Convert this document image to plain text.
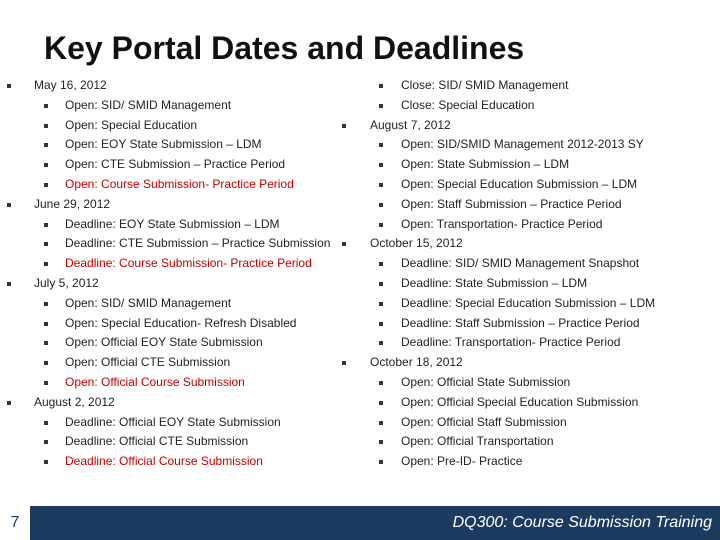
Key Portal Dates and Deadlines
May 16, 2012
Open: SID/ SMID Management
Open: Special Education
Open: EOY State Submission – LDM
Open: CTE Submission – Practice Period
Open: Course Submission- Practice Period
June 29, 2012
Deadline: EOY State Submission – LDM
Deadline: CTE Submission – Practice Submission
Deadline: Course Submission- Practice Period
July 5, 2012
Open: SID/ SMID Management
Open: Special Education- Refresh Disabled
Open: Official EOY State Submission
Open: Official CTE Submission
Open: Official Course Submission
August 2, 2012
Deadline: Official EOY State Submission
Deadline: Official CTE Submission
Deadline: Official Course Submission
Close: SID/ SMID Management
Close: Special Education
August 7, 2012
Open: SID/SMID Management 2012-2013 SY
Open: State Submission – LDM
Open: Special Education Submission – LDM
Open: Staff Submission – Practice Period
Open: Transportation- Practice Period
October 15, 2012
Deadline: SID/ SMID Management Snapshot
Deadline: State Submission – LDM
Deadline: Special Education Submission – LDM
Deadline: Staff Submission – Practice Period
Deadline: Transportation- Practice Period
October 18, 2012
Open: Official State Submission
Open: Official Special Education Submission
Open: Official Staff Submission
Open: Official Transportation
Open: Pre-ID- Practice
7	DQ300: Course Submission Training
